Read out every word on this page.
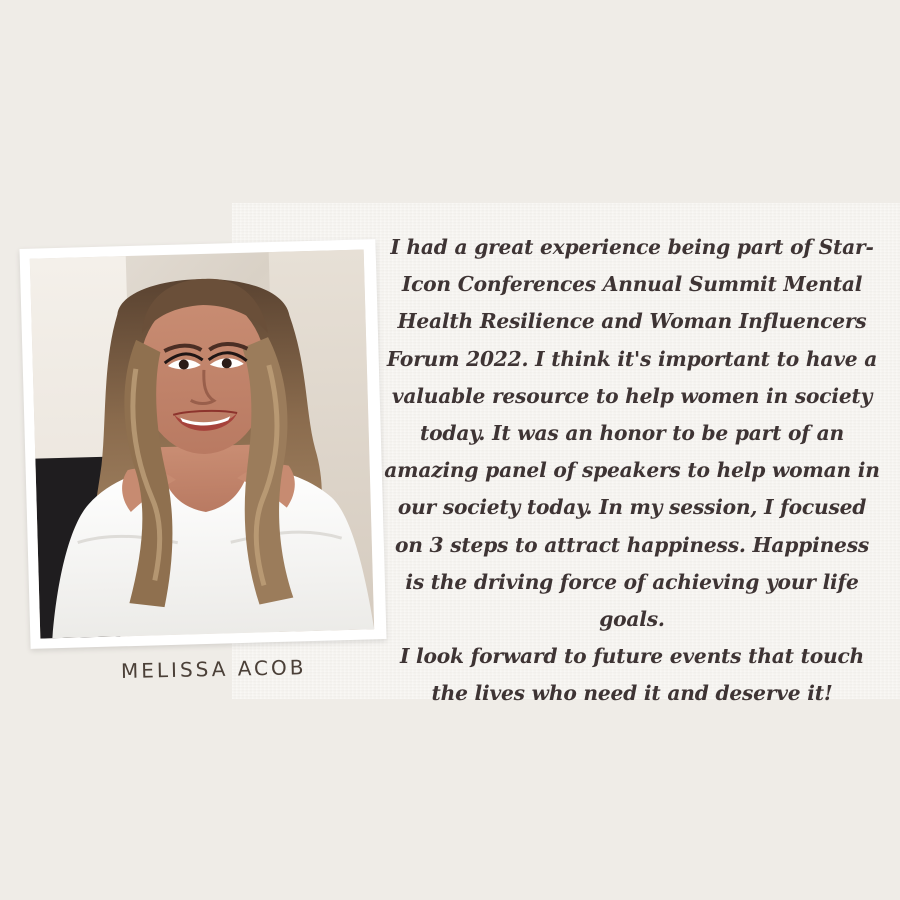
I had a great experience being part of Star-Icon Conferences Annual Summit Mental Health Resilience and Woman Influencers Forum 2022. I think it's important to have a valuable resource to help women in society today. It was an honor to be part of an amazing panel of speakers to help woman in our society today. In my session, I focused on 3 steps to attract happiness. Happiness is the driving force of achieving your life goals.

I look forward to future events that touch the lives who need it and deserve it!

MELISSA ACOB
